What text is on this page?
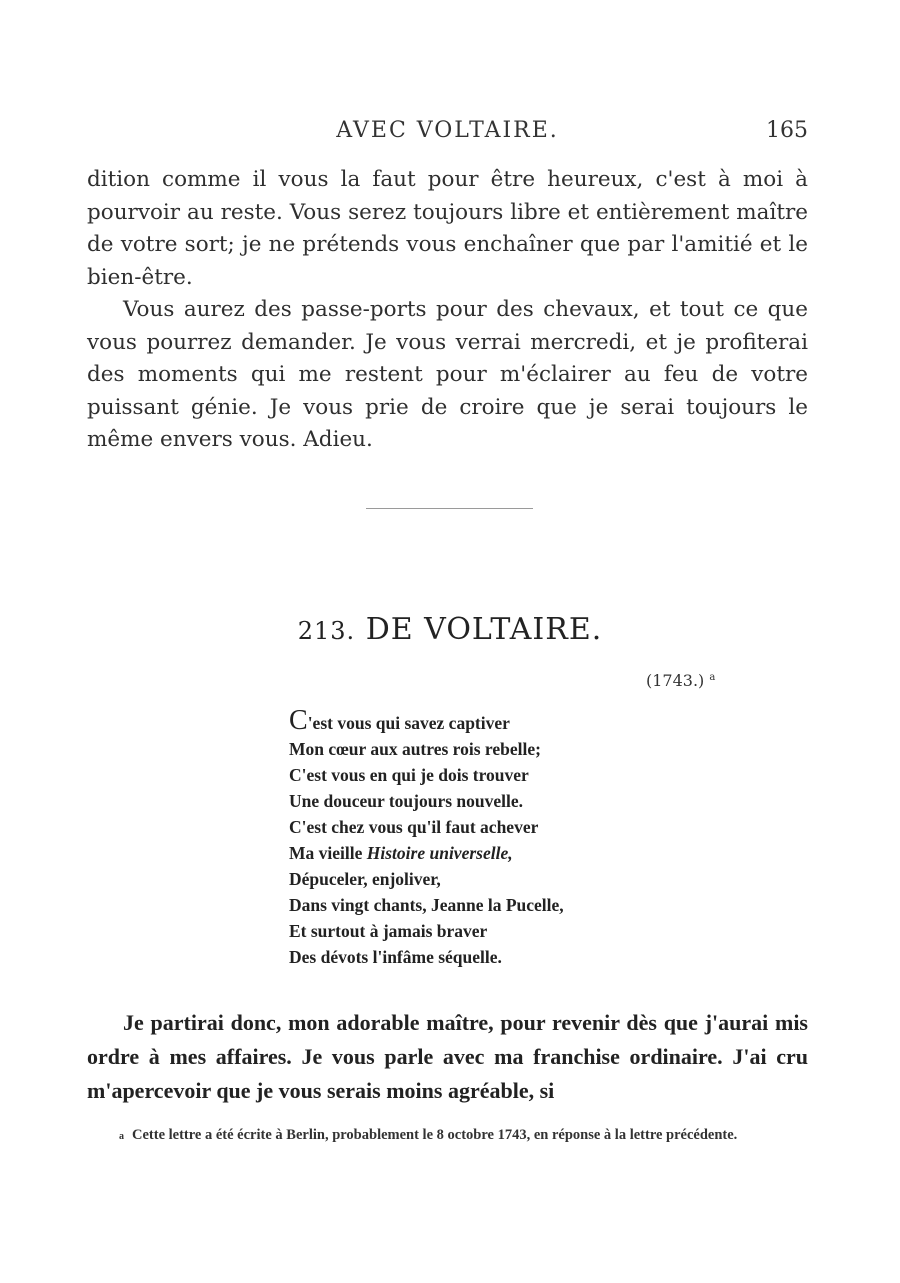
AVEC VOLTAIRE.	165

dition comme il vous la faut pour être heureux, c'est à moi à pourvoir au reste. Vous serez toujours libre et entièrement maître de votre sort; je ne prétends vous enchaîner que par l'amitié et le bien-être.

Vous aurez des passe-ports pour des chevaux, et tout ce que vous pourrez demander. Je vous verrai mercredi, et je profiterai des moments qui me restent pour m'éclairer au feu de votre puissant génie. Je vous prie de croire que je serai toujours le même envers vous. Adieu.

213. DE VOLTAIRE.
(1743.) $^a$
C'est vous qui savez captiver
Mon cœur aux autres rois rebelle;
C'est vous en qui je dois trouver
Une douceur toujours nouvelle.
C'est chez vous qu'il faut achever
Ma vieille Histoire universelle,
Dépuceler, enjoliver,
Dans vingt chants, Jeanne la Pucelle,
Et surtout à jamais braver
Des dévots l'infâme séquelle.

Je partirai donc, mon adorable maître, pour revenir dès que j'aurai mis ordre à mes affaires. Je vous parle avec ma franchise ordinaire. J'ai cru m'apercevoir que je vous serais moins agréable, si

a Cette lettre a été écrite à Berlin, probablement le 8 octobre 1743, en réponse à la lettre précédente.
